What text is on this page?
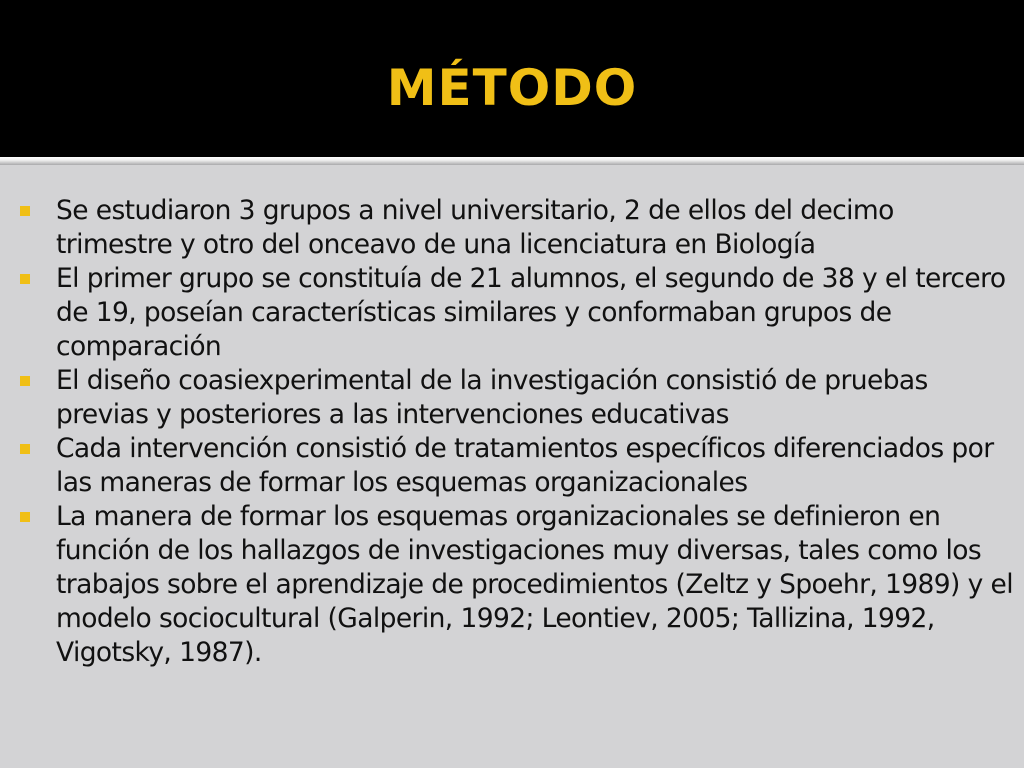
MÉTODO
Se estudiaron 3 grupos a nivel universitario, 2 de ellos del decimo trimestre y otro del onceavo de una licenciatura en Biología
El primer grupo se constituía de 21 alumnos, el segundo de 38 y el tercero de 19, poseían características similares y conformaban grupos de comparación
El diseño coasiexperimental de la investigación consistió de pruebas previas y posteriores a las intervenciones educativas
Cada intervención consistió de tratamientos específicos diferenciados por las maneras de formar los esquemas organizacionales
La manera de formar los esquemas organizacionales se definieron en función de los hallazgos de investigaciones muy diversas, tales como los trabajos sobre el aprendizaje de procedimientos (Zeltz y Spoehr, 1989) y el modelo sociocultural (Galperin, 1992; Leontiev, 2005; Tallizina, 1992, Vigotsky, 1987).
